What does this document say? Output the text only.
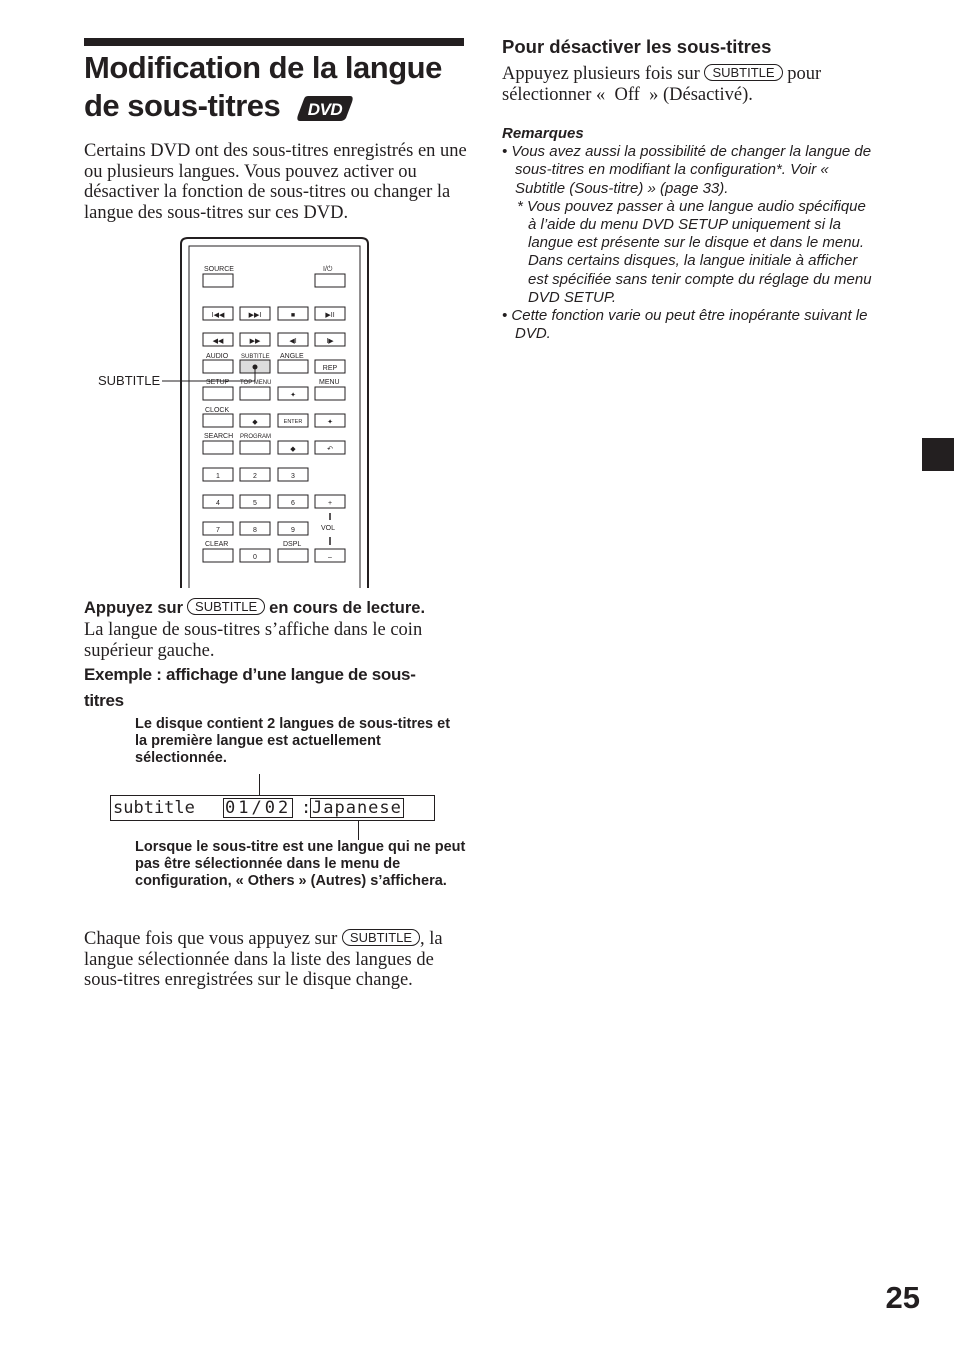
Modification de la langue
de sous-titres DVD
Certains DVD ont des sous-titres enregistrés en une ou plusieurs langues. Vous pouvez activer ou désactiver la fonction de sous-titres ou changer la langue des sous-titres sur ces DVD.
SOURCE	I/⏻
AUDIO SUBTITLE ANGLE
SETUP TOP MENU	MENU
CLOCK
SEARCH PROGRAM
VOL
CLEAR	DSPL
I◀◀	▶▶I	■	▶II
◀◀	▶▶	◀I	I▶
REP
✦
◆	ENTER	✦
◆	↶
1	2	3
4	5	6	+
7	8	9
0	–
SUBTITLE
Appuyez sur SUBTITLE en cours de lecture.
La langue de sous-titres s’affiche dans le coin supérieur gauche.
Exemple : affichage d’une langue de sous-
titres
Le disque contient 2 langues de sous-titres et la première langue est actuellement sélectionnée.
subtitle 01/02 : Japanese
Lorsque le sous-titre est une langue qui ne peut pas être sélectionnée dans le menu de configuration, « Others » (Autres) s’affichera.
Chaque fois que vous appuyez sur SUBTITLE , la langue sélectionnée dans la liste des langues de sous-titres enregistrées sur le disque change.
Pour désactiver les sous-titres
Appuyez plusieurs fois sur SUBTITLE pour sélectionner « Off » (Désactivé).
Remarques
• Vous avez aussi la possibilité de changer la langue de sous-titres en modifiant la configuration*. Voir « Subtitle (Sous-titre) » (page 33).
* Vous pouvez passer à une langue audio spécifique à l’aide du menu DVD SETUP uniquement si la langue est présente sur le disque et dans le menu. Dans certains disques, la langue initiale à afficher est spécifiée sans tenir compte du réglage du menu DVD SETUP.
• Cette fonction varie ou peut être inopérante suivant le DVD.
25
